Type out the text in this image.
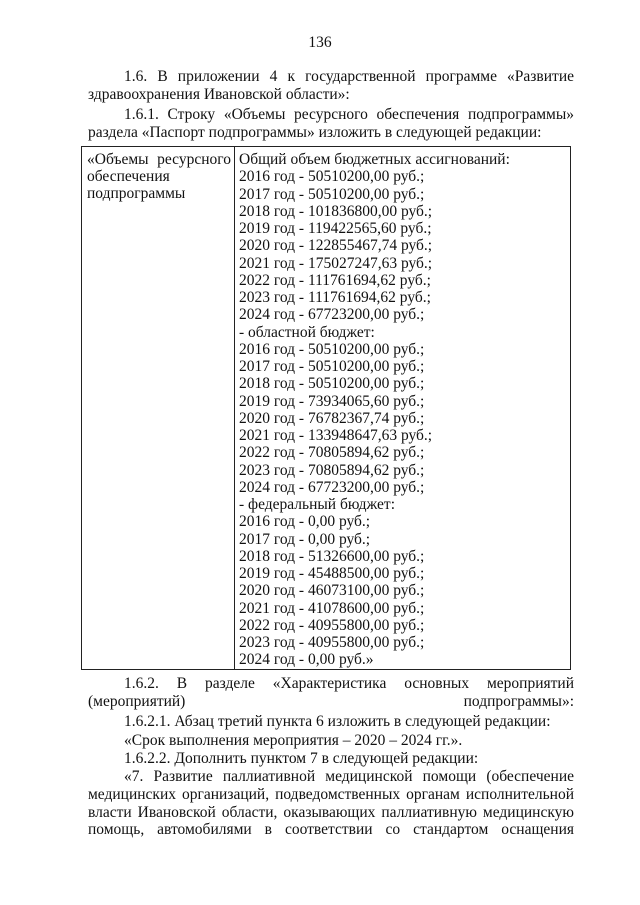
136
1.6. В приложении 4 к государственной программе «Развитие здравоохранения Ивановской области»:
1.6.1. Строку «Объемы ресурсного обеспечения подпрограммы» раздела «Паспорт подпрограммы» изложить в следующей редакции:
«Объемы ресурсного
обеспечения
подпрограммы
Общий объем бюджетных ассигнований:
2016 год - 50510200,00 руб.;
2017 год - 50510200,00 руб.;
2018 год - 101836800,00 руб.;
2019 год - 119422565,60 руб.;
2020 год - 122855467,74 руб.;
2021 год - 175027247,63 руб.;
2022 год - 111761694,62 руб.;
2023 год - 111761694,62 руб.;
2024 год - 67723200,00 руб.;
- областной бюджет:
2016 год - 50510200,00 руб.;
2017 год - 50510200,00 руб.;
2018 год - 50510200,00 руб.;
2019 год - 73934065,60 руб.;
2020 год - 76782367,74 руб.;
2021 год - 133948647,63 руб.;
2022 год - 70805894,62 руб.;
2023 год - 70805894,62 руб.;
2024 год - 67723200,00 руб.;
- федеральный бюджет:
2016 год - 0,00 руб.;
2017 год - 0,00 руб.;
2018 год - 51326600,00 руб.;
2019 год - 45488500,00 руб.;
2020 год - 46073100,00 руб.;
2021 год - 41078600,00 руб.;
2022 год - 40955800,00 руб.;
2023 год - 40955800,00 руб.;
2024 год - 0,00 руб.»
1.6.2. В разделе «Характеристика основных мероприятий (мероприятий) подпрограммы»:
1.6.2.1. Абзац третий пункта 6 изложить в следующей редакции:
«Срок выполнения мероприятия – 2020 – 2024 гг.».
1.6.2.2. Дополнить пунктом 7 в следующей редакции:
«7. Развитие паллиативной медицинской помощи (обеспечение медицинских организаций, подведомственных органам исполнительной власти Ивановской области, оказывающих паллиативную медицинскую помощь, автомобилями в соответствии со стандартом оснащения
